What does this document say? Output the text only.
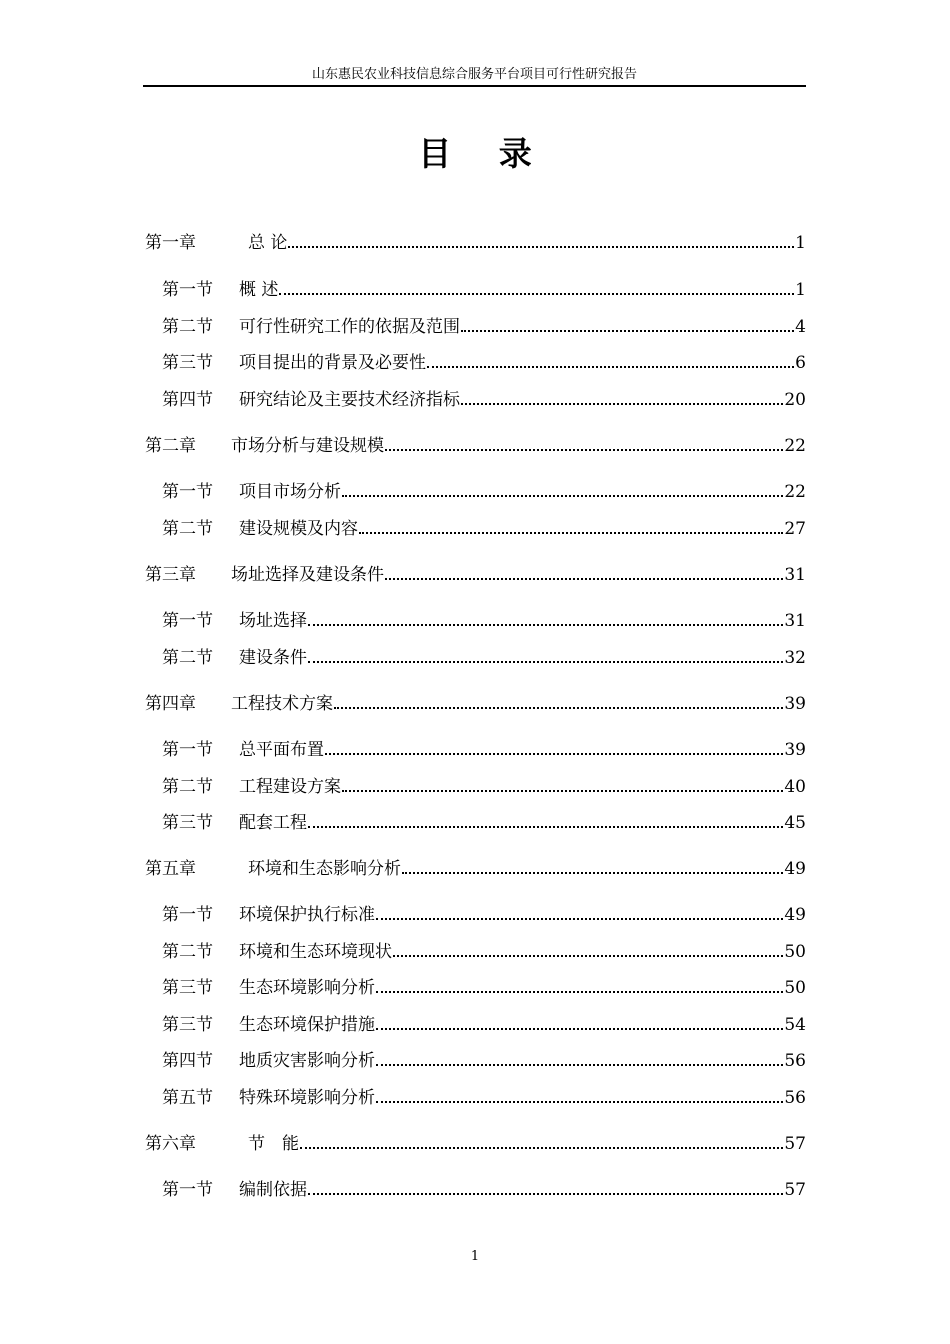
山东惠民农业科技信息综合服务平台项目可行性研究报告
目 录
第一章	　总 论	1
第一节	概 述	1
第二节	可行性研究工作的依据及范围	4
第三节	项目提出的背景及必要性	6
第四节	研究结论及主要技术经济指标	20
第二章	市场分析与建设规模	22
第一节	项目市场分析	22
第二节	建设规模及内容	27
第三章	场址选择及建设条件	31
第一节	场址选择	31
第二节	建设条件	32
第四章	工程技术方案	39
第一节	总平面布置	39
第二节	工程建设方案	40
第三节	配套工程	45
第五章	　环境和生态影响分析	49
第一节	环境保护执行标准	49
第二节	环境和生态环境现状	50
第三节	生态环境影响分析	50
第三节	生态环境保护措施	54
第四节	地质灾害影响分析	56
第五节	特殊环境影响分析	56
第六章	　节　能	57
第一节	编制依据	57
1
